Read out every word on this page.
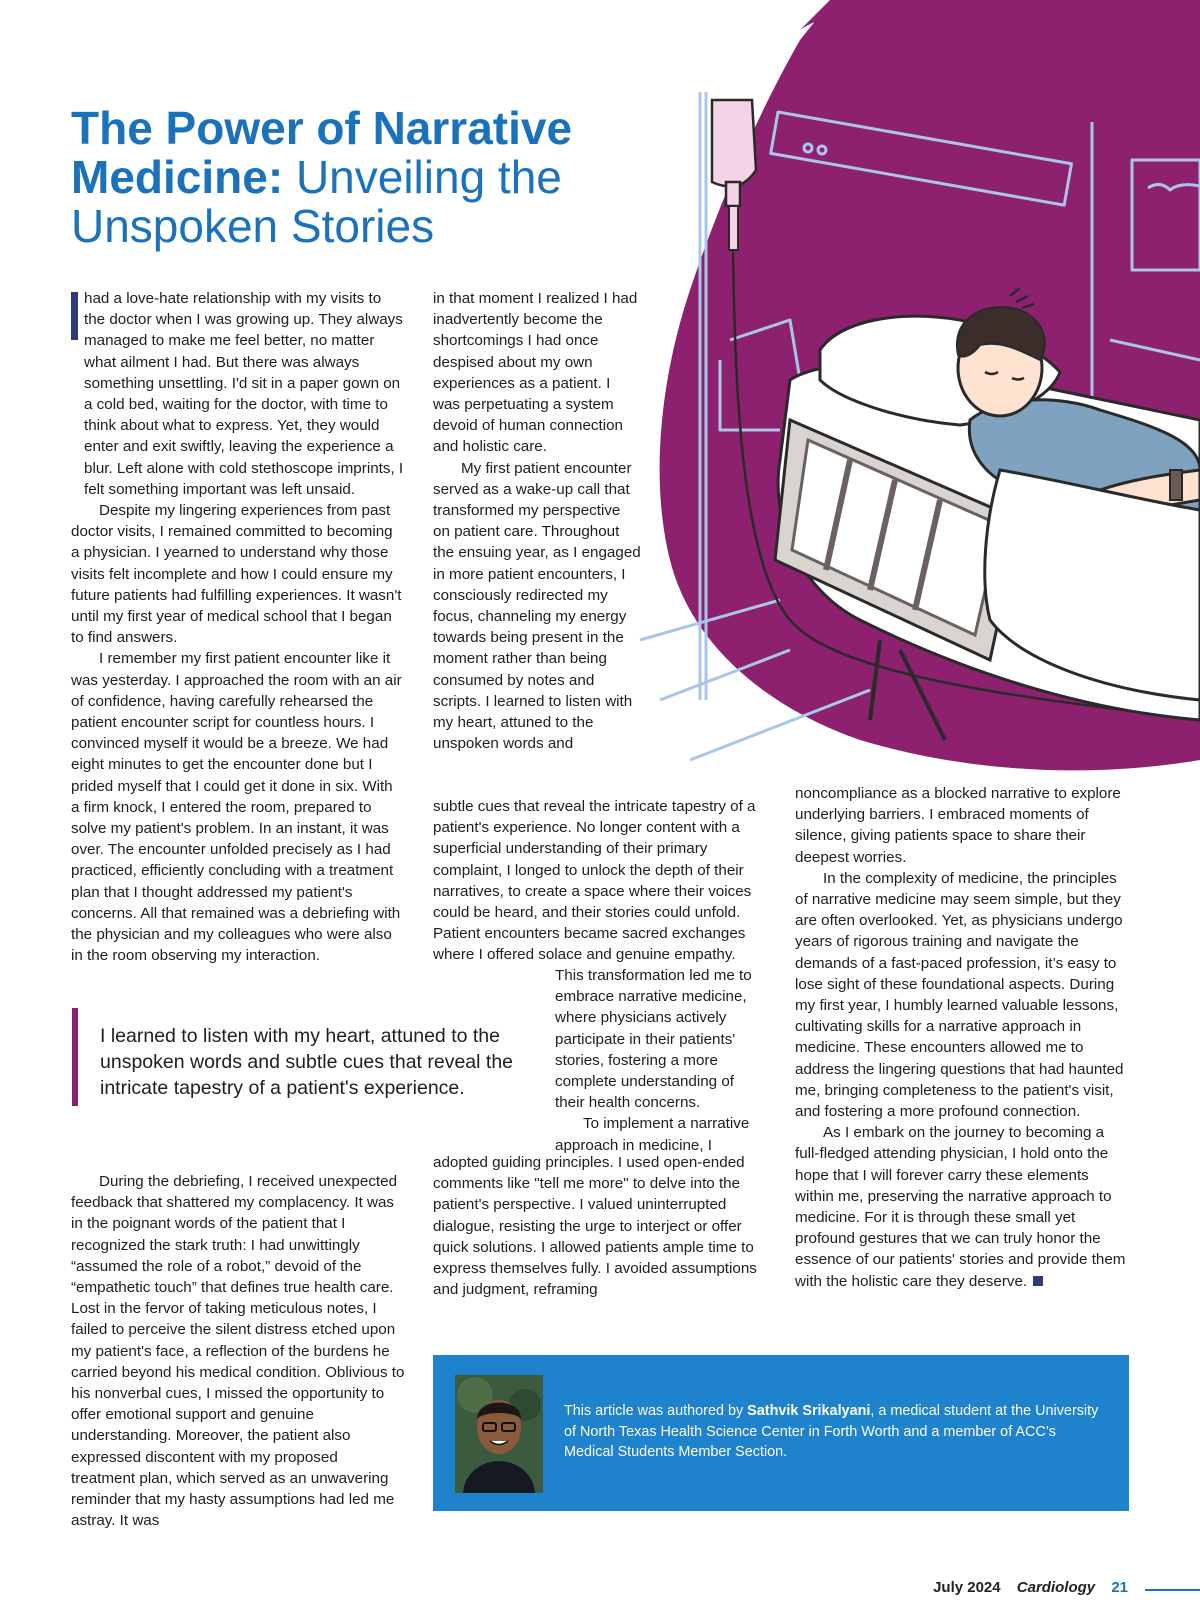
The Power of Narrative Medicine: Unveiling the Unspoken Stories

had a love-hate relationship with my visits to the doctor when I was growing up. They always managed to make me feel better, no matter what ailment I had. But there was always something unsettling. I'd sit in a paper gown on a cold bed, waiting for the doctor, with time to think about what to express. Yet, they would enter and exit swiftly, leaving the experience a blur. Left alone with cold stethoscope imprints, I felt something important was left unsaid.

Despite my lingering experiences from past doctor visits, I remained committed to becoming a physician. I yearned to understand why those visits felt incomplete and how I could ensure my future patients had fulfilling experiences. It wasn't until my first year of medical school that I began to find answers.

I remember my first patient encounter like it was yesterday. I approached the room with an air of confidence, having carefully rehearsed the patient encounter script for countless hours. I convinced myself it would be a breeze. We had eight minutes to get the encounter done but I prided myself that I could get it done in six. With a firm knock, I entered the room, prepared to solve my patient's problem. In an instant, it was over. The encounter unfolded precisely as I had practiced, efficiently concluding with a treatment plan that I thought addressed my patient's concerns. All that remained was a debriefing with the physician and my colleagues who were also in the room observing my interaction.

During the debriefing, I received unexpected feedback that shattered my complacency. It was in the poignant words of the patient that I recognized the stark truth: I had unwittingly “assumed the role of a robot,” devoid of the “empathetic touch” that defines true health care. Lost in the fervor of taking meticulous notes, I failed to perceive the silent distress etched upon my patient's face, a reflection of the burdens he carried beyond his medical condition. Oblivious to his nonverbal cues, I missed the opportunity to offer emotional support and genuine understanding. Moreover, the patient also expressed discontent with my proposed treatment plan, which served as an unwavering reminder that my hasty assumptions had led me astray. It was

in that moment I realized I had inadvertently become the shortcomings I had once despised about my own experiences as a patient. I was perpetuating a system devoid of human connection and holistic care.

My first patient encounter served as a wake-up call that transformed my perspective on patient care. Throughout the ensuing year, as I engaged in more patient encounters, I consciously redirected my focus, channeling my energy towards being present in the moment rather than being consumed by notes and scripts. I learned to listen with my heart, attuned to the unspoken words and

subtle cues that reveal the intricate tapestry of a patient's experience. No longer content with a superficial understanding of their primary complaint, I longed to unlock the depth of their narratives, to create a space where their voices could be heard, and their stories could unfold. Patient encounters became sacred exchanges where I offered solace and genuine empathy.

This transformation led me to embrace narrative medicine, where physicians actively participate in their patients' stories, fostering a more complete understanding of their health concerns.

To implement a narrative approach in medicine, I

adopted guiding principles. I used open-ended comments like "tell me more" to delve into the patient's perspective. I valued uninterrupted dialogue, resisting the urge to interject or offer quick solutions. I allowed patients ample time to express themselves fully. I avoided assumptions and judgment, reframing

noncompliance as a blocked narrative to explore underlying barriers. I embraced moments of silence, giving patients space to share their deepest worries.

In the complexity of medicine, the principles of narrative medicine may seem simple, but they are often overlooked. Yet, as physicians undergo years of rigorous training and navigate the demands of a fast-paced profession, it’s easy to lose sight of these foundational aspects. During my first year, I humbly learned valuable lessons, cultivating skills for a narrative approach in medicine. These encounters allowed me to address the lingering questions that had haunted me, bringing completeness to the patient's visit, and fostering a more profound connection.

As I embark on the journey to becoming a full-fledged attending physician, I hold onto the hope that I will forever carry these elements within me, preserving the narrative approach to medicine. For it is through these small yet profound gestures that we can truly honor the essence of our patients' stories and provide them with the holistic care they deserve.

I learned to listen with my heart, attuned to the unspoken words and subtle cues that reveal the intricate tapestry of a patient's experience.

This article was authored by Sathvik Srikalyani, a medical student at the University of North Texas Health Science Center in Forth Worth and a member of ACC’s Medical Students Member Section.

July 2024 Cardiology 21
